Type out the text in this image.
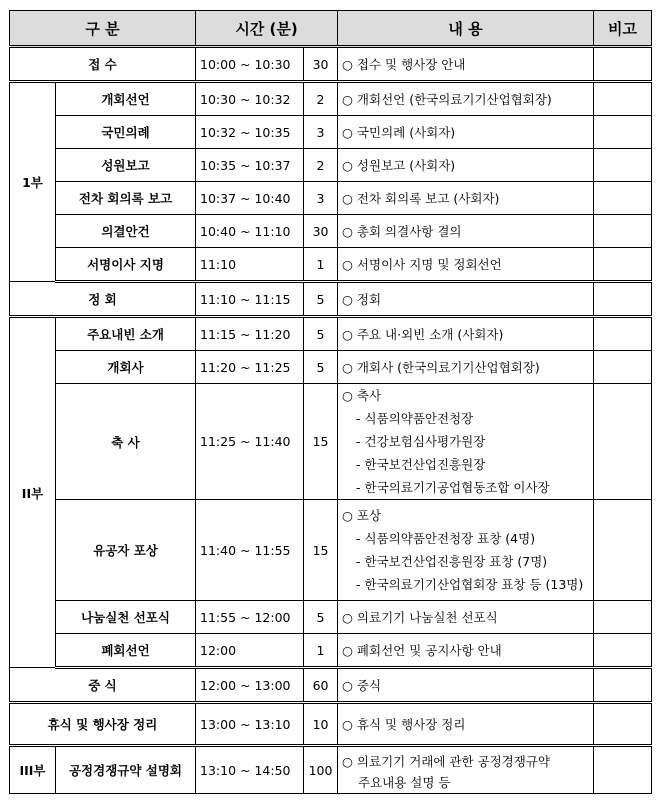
구 분		시간 (분)		내 용	비고
접 수		10:00 ~ 10:30	30	○ 접수 및 행사장 안내	
1부	개회선언	10:30 ~ 10:32	2	○ 개회선언 (한국의료기기산업협회장)	
	국민의례	10:32 ~ 10:35	3	○ 국민의례 (사회자)	
	성원보고	10:35 ~ 10:37	2	○ 성원보고 (사회자)	
	전차 회의록 보고	10:37 ~ 10:40	3	○ 전차 회의록 보고 (사회자)	
	의결안건	10:40 ~ 11:10	30	○ 총회 의결사항 결의	
	서명이사 지명	11:10	1	○ 서명이사 지명 및 정회선언	
정 회		11:10 ~ 11:15	5	○ 정회	
II부	주요내빈 소개	11:15 ~ 11:20	5	○ 주요 내·외빈 소개 (사회자)	
	개회사	11:20 ~ 11:25	5	○ 개회사 (한국의료기기산업협회장)	
	축 사	11:25 ~ 11:40	15	○ 축사
- 식품의약품안전청장
- 건강보험심사평가원장
- 한국보건산업진흥원장
- 한국의료기기공업협동조합 이사장	

	유공자 포상	11:40 ~ 11:55	15	○ 포상
- 식품의약품안전청장 표창 (4명)
- 한국보건산업진흥원장 표창 (7명)
- 한국의료기기산업협회장 표창 등 (13명)	

	나눔실천 선포식	11:55 ~ 12:00	5	○ 의료기기 나눔실천 선포식	
	폐회선언	12:00	1	○ 폐회선언 및 공지사항 안내	
중 식		12:00 ~ 13:00	60	○ 중식	
휴식 및 행사장 정리		13:00 ~ 13:10	10	○ 휴식 및 행사장 정리	
III부	공정경쟁규약 설명회	13:10 ~ 14:50	100	○ 의료기기 거래에 관한 공정경쟁규약
주요내용 설명 등	
